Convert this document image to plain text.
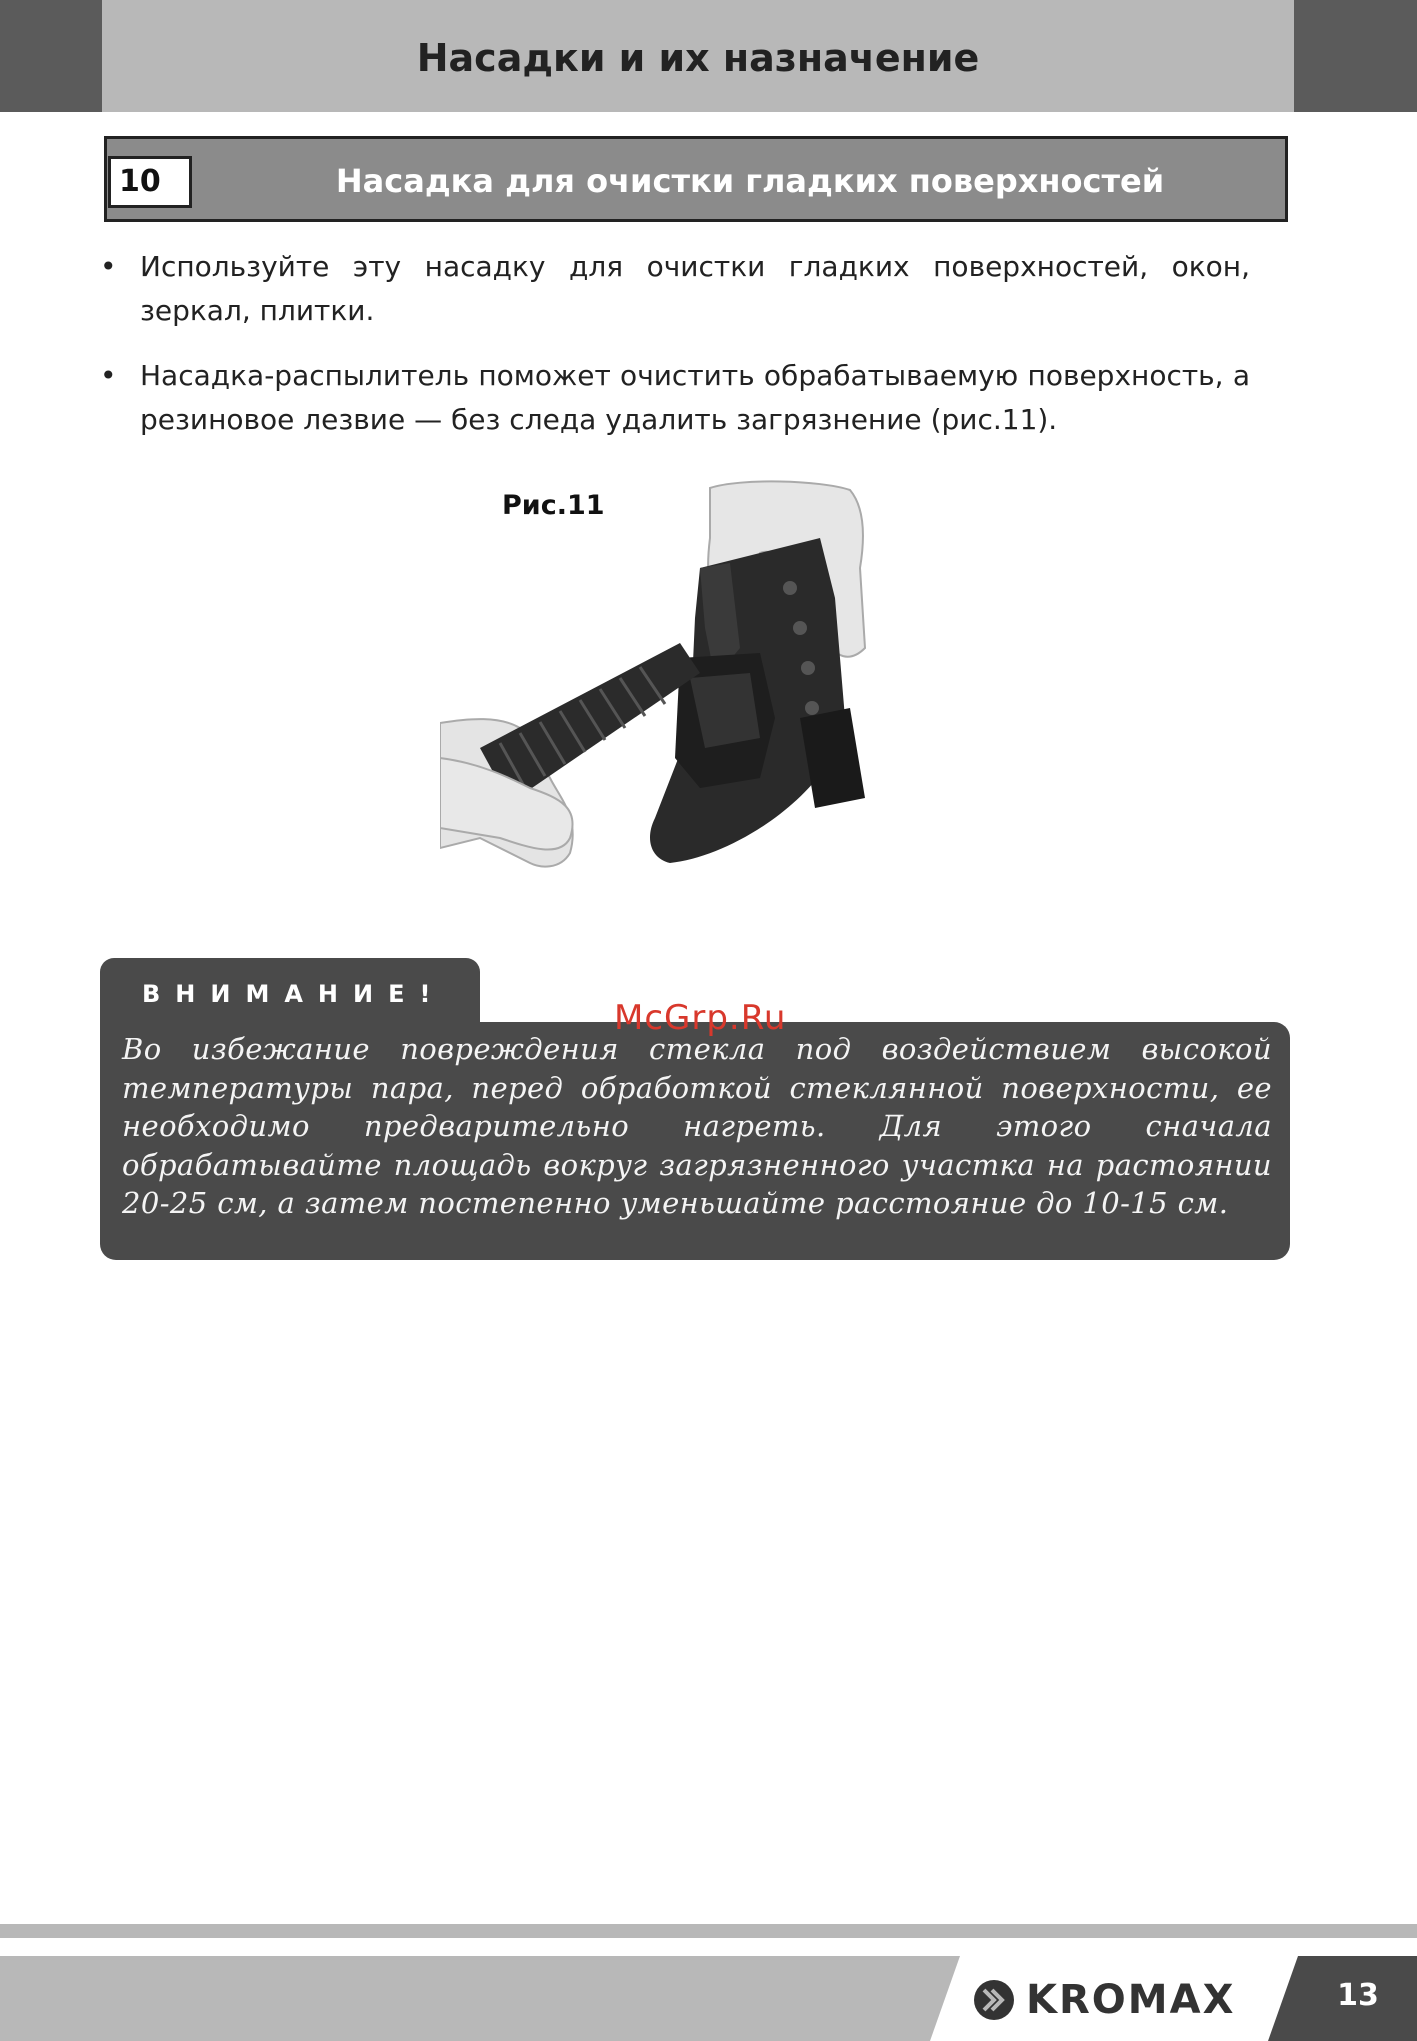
Насадки и их назначение
10	Насадка для очистки гладких поверхностей
• Используйте эту насадку для очистки гладких поверхностей, окон, зеркал, плитки.
• Насадка-распылитель поможет очистить обрабатываемую поверхность, а резиновое лезвие — без следа удалить загрязнение (рис.11).
Рис.11
ВНИМАНИЕ!
Во избежание повреждения стекла под воздействием высокой температуры пара, перед обработкой стеклянной поверхности, ее необходимо предварительно нагреть. Для этого сначала обрабатывайте площадь вокруг загрязненного участка на растоянии 20-25 см, а затем постепенно уменьшайте расстояние до 10-15 см.
McGrp.Ru
KROMAX	13
